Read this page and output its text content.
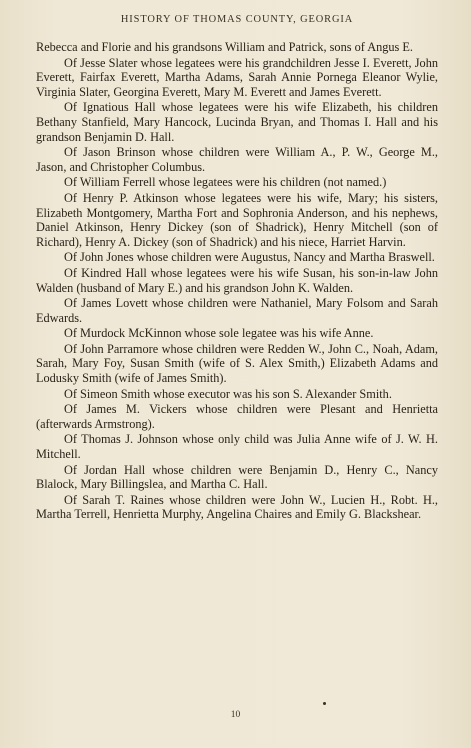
HISTORY OF THOMAS COUNTY, GEORGIA

Rebecca and Florie and his grandsons William and Patrick, sons of Angus E.

Of Jesse Slater whose legatees were his grandchildren Jesse I. Everett, John Everett, Fairfax Everett, Martha Adams, Sarah Annie Pornega Eleanor Wylie, Virginia Slater, Georgina Everett, Mary M. Everett and James Everett.

Of Ignatious Hall whose legatees were his wife Elizabeth, his children Bethany Stanfield, Mary Hancock, Lucinda Bryan, and Thomas I. Hall and his grandson Benjamin D. Hall.

Of Jason Brinson whose children were William A., P. W., George M., Jason, and Christopher Columbus.

Of William Ferrell whose legatees were his children (not named.)

Of Henry P. Atkinson whose legatees were his wife, Mary; his sisters, Elizabeth Montgomery, Martha Fort and Sophronia Anderson, and his nephews, Daniel Atkinson, Henry Dickey (son of Shadrick), Henry Mitchell (son of Richard), Henry A. Dickey (son of Shadrick) and his niece, Harriet Harvin.

Of John Jones whose children were Augustus, Nancy and Martha Braswell.

Of Kindred Hall whose legatees were his wife Susan, his son-in-law John Walden (husband of Mary E.) and his grandson John K. Walden.

Of James Lovett whose children were Nathaniel, Mary Folsom and Sarah Edwards.

Of Murdock McKinnon whose sole legatee was his wife Anne.

Of John Parramore whose children were Redden W., John C., Noah, Adam, Sarah, Mary Foy, Susan Smith (wife of S. Alex Smith,) Elizabeth Adams and Lodusky Smith (wife of James Smith).

Of Simeon Smith whose executor was his son S. Alexander Smith.

Of James M. Vickers whose children were Plesant and Henrietta (afterwards Armstrong).

Of Thomas J. Johnson whose only child was Julia Anne wife of J. W. H. Mitchell.

Of Jordan Hall whose children were Benjamin D., Henry C., Nancy Blalock, Mary Billingslea, and Martha C. Hall.

Of Sarah T. Raines whose children were John W., Lucien H., Robt. H., Martha Terrell, Henrietta Murphy, Angelina Chaires and Emily G. Blackshear.

10
